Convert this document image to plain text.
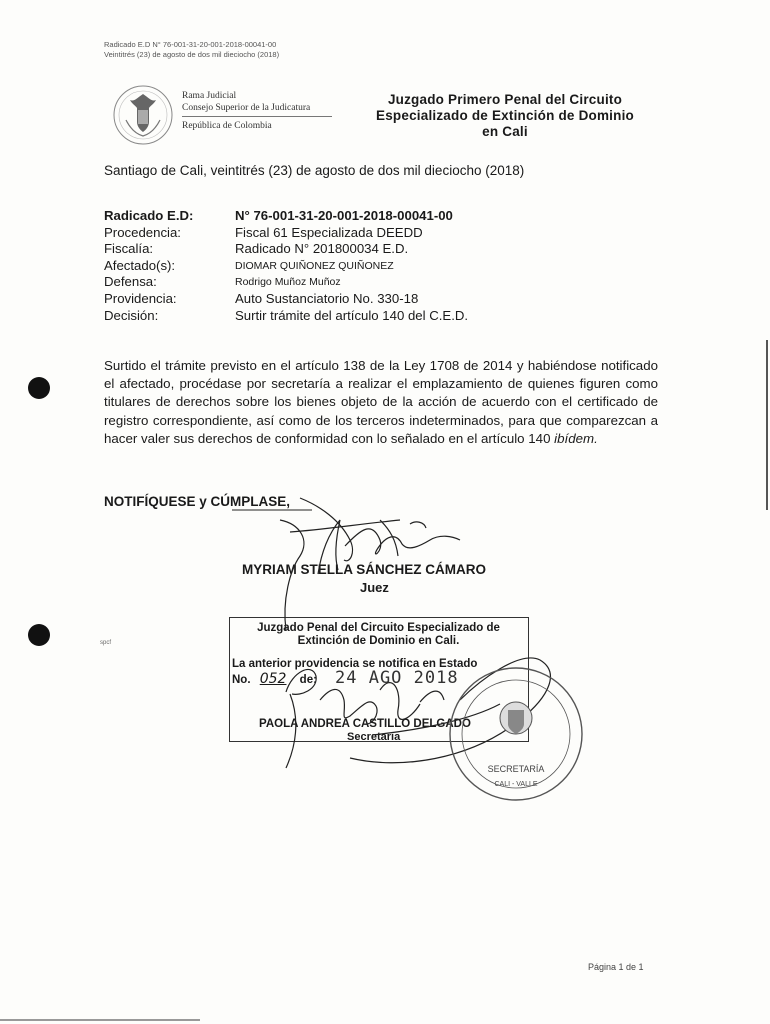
Radicado E.D N° 76-001-31-20-001-2018-00041-00
Veintitrés (23) de agosto de dos mil dieciocho (2018)
Rama Judicial
Consejo Superior de la Judicatura
República de Colombia
Juzgado Primero Penal del Circuito
Especializado de Extinción de Dominio
en Cali
Santiago de Cali, veintitrés (23) de agosto de dos mil dieciocho (2018)
Radicado E.D:	N° 76-001-31-20-001-2018-00041-00
Procedencia:	Fiscal 61 Especializada DEEDD
Fiscalía:	Radicado N° 201800034 E.D.
Afectado(s):	DIOMAR QUIÑONEZ QUIÑONEZ
Defensa:	Rodrigo Muñoz Muñoz
Providencia:	Auto Sustanciatorio No. 330-18
Decisión:	Surtir trámite del artículo 140 del C.E.D.
Surtido el trámite previsto en el artículo 138 de la Ley 1708 de 2014 y habiéndose notificado el afectado, procédase por secretaría a realizar el emplazamiento de quienes figuren como titulares de derechos sobre los bienes objeto de la acción de acuerdo con el certificado de registro correspondiente, así como de los terceros indeterminados, para que comparezcan a hacer valer sus derechos de conformidad con lo señalado en el artículo 140 ibídem.
NOTIFÍQUESE y CÚMPLASE,
MYRIAM STELLA SÁNCHEZ CÁMARO
Juez
Juzgado Penal del Circuito Especializado de
Extinción de Dominio en Cali.
La anterior providencia se notifica en Estado
No. 052 de: 24 AGO 2018
PAOLA ANDREA CASTILLO DELGADO
Secretaria
SECRETARÍA
CALI - VALLE
spcf
Página 1 de 1
